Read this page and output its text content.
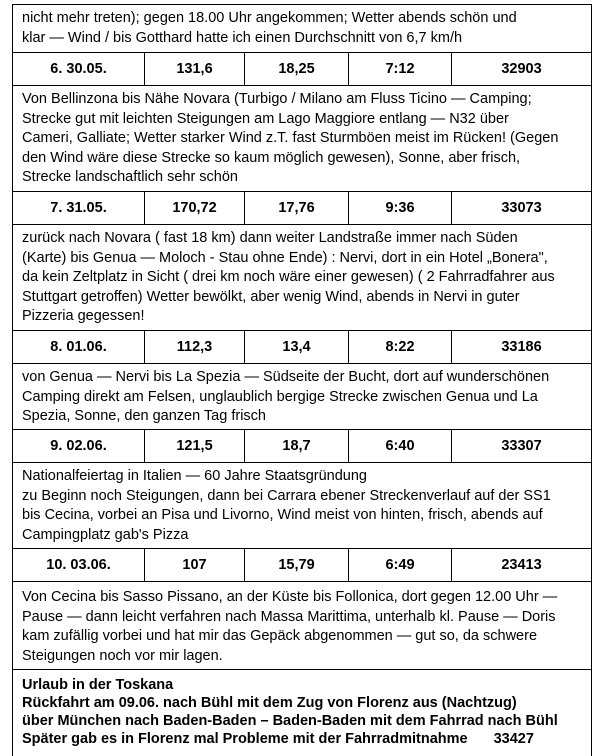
nicht mehr treten); gegen 18.00 Uhr angekommen; Wetter abends schön und
klar — Wind / bis Gotthard hatte ich einen Durchschnitt von 6,7 km/h
6. 30.05.	131,6	18,25	7:12	32903
Von Bellinzona bis Nähe Novara (Turbigo / Milano am Fluss Ticino — Camping;
Strecke gut mit leichten Steigungen am Lago Maggiore entlang — N32 über
Cameri, Galliate; Wetter starker Wind z.T. fast Sturmböen meist im Rücken! (Gegen
den Wind wäre diese Strecke so kaum möglich gewesen), Sonne, aber frisch,
Strecke landschaftlich sehr schön
7. 31.05.	170,72	17,76	9:36	33073
zurück nach Novara ( fast 18 km) dann weiter Landstraße immer nach Süden
(Karte) bis Genua — Moloch - Stau ohne Ende) : Nervi, dort in ein Hotel „Bonera",
da kein Zeltplatz in Sicht ( drei km noch wäre einer gewesen) ( 2 Fahrradfahrer aus
Stuttgart getroffen) Wetter bewölkt, aber wenig Wind, abends in Nervi in guter
Pizzeria gegessen!
8. 01.06.	112,3	13,4	8:22	33186
von Genua — Nervi bis La Spezia — Südseite der Bucht, dort auf wunderschönen
Camping direkt am Felsen, unglaublich bergige Strecke zwischen Genua und La
Spezia, Sonne, den ganzen Tag frisch
9. 02.06.	121,5	18,7	6:40	33307
Nationalfeiertag in Italien — 60 Jahre Staatsgründung
zu Beginn noch Steigungen, dann bei Carrara ebener Streckenverlauf auf der SS1
bis Cecina, vorbei an Pisa und Livorno, Wind meist von hinten, frisch, abends auf
Campingplatz gab's Pizza
10. 03.06.	107	15,79	6:49	23413
Von Cecina bis Sasso Pissano, an der Küste bis Follonica, dort gegen 12.00 Uhr —
Pause — dann leicht verfahren nach Massa Marittima, unterhalb kl. Pause — Doris
kam zufällig vorbei und hat mir das Gepäck abgenommen — gut so, da schwere
Steigungen noch vor mir lagen.
Urlaub in der Toskana
Rückfahrt am 09.06. nach Bühl mit dem Zug von Florenz aus (Nachtzug)
über München nach Baden-Baden – Baden-Baden mit dem Fahrrad nach Bühl
Später gab es in Florenz mal Probleme mit der Fahrradmitnahme 33427
